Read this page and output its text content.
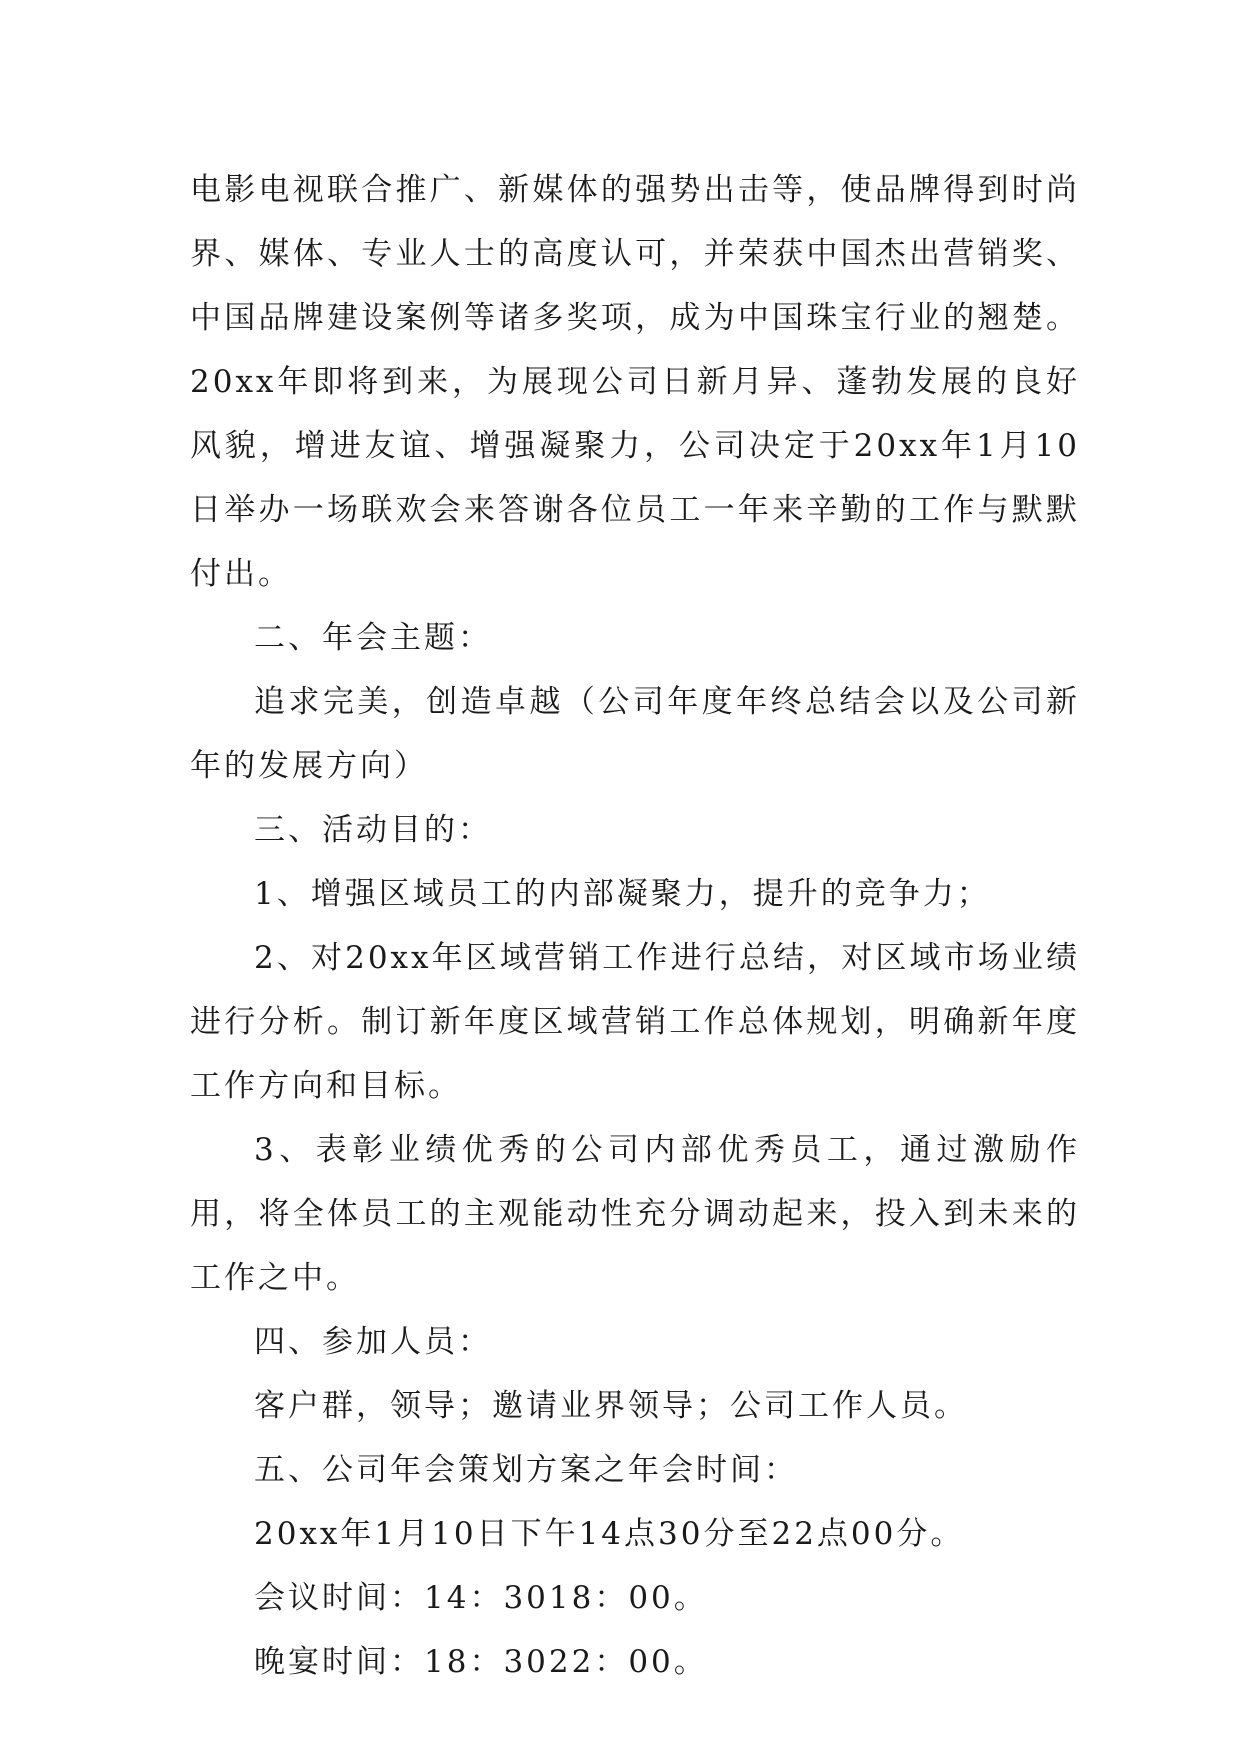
电影电视联合推广、新媒体的强势出击等，使品牌得到时尚界、媒体、专业人士的高度认可，并荣获中国杰出营销奖、中国品牌建设案例等诸多奖项，成为中国珠宝行业的翘楚。20xx年即将到来，为展现公司日新月异、蓬勃发展的良好风貌，增进友谊、增强凝聚力，公司决定于20xx年1月10日举办一场联欢会来答谢各位员工一年来辛勤的工作与默默付出。

二、年会主题：

追求完美，创造卓越（公司年度年终总结会以及公司新年的发展方向）

三、活动目的：

1、增强区域员工的内部凝聚力，提升的竞争力；

2、对20xx年区域营销工作进行总结，对区域市场业绩进行分析。制订新年度区域营销工作总体规划，明确新年度工作方向和目标。

3、表彰业绩优秀的公司内部优秀员工，通过激励作用，将全体员工的主观能动性充分调动起来，投入到未来的工作之中。

四、参加人员：

客户群，领导；邀请业界领导；公司工作人员。

五、公司年会策划方案之年会时间：

20xx年1月10日下午14点30分至22点00分。

会议时间：14：3018：00。

晚宴时间：18：3022：00。
